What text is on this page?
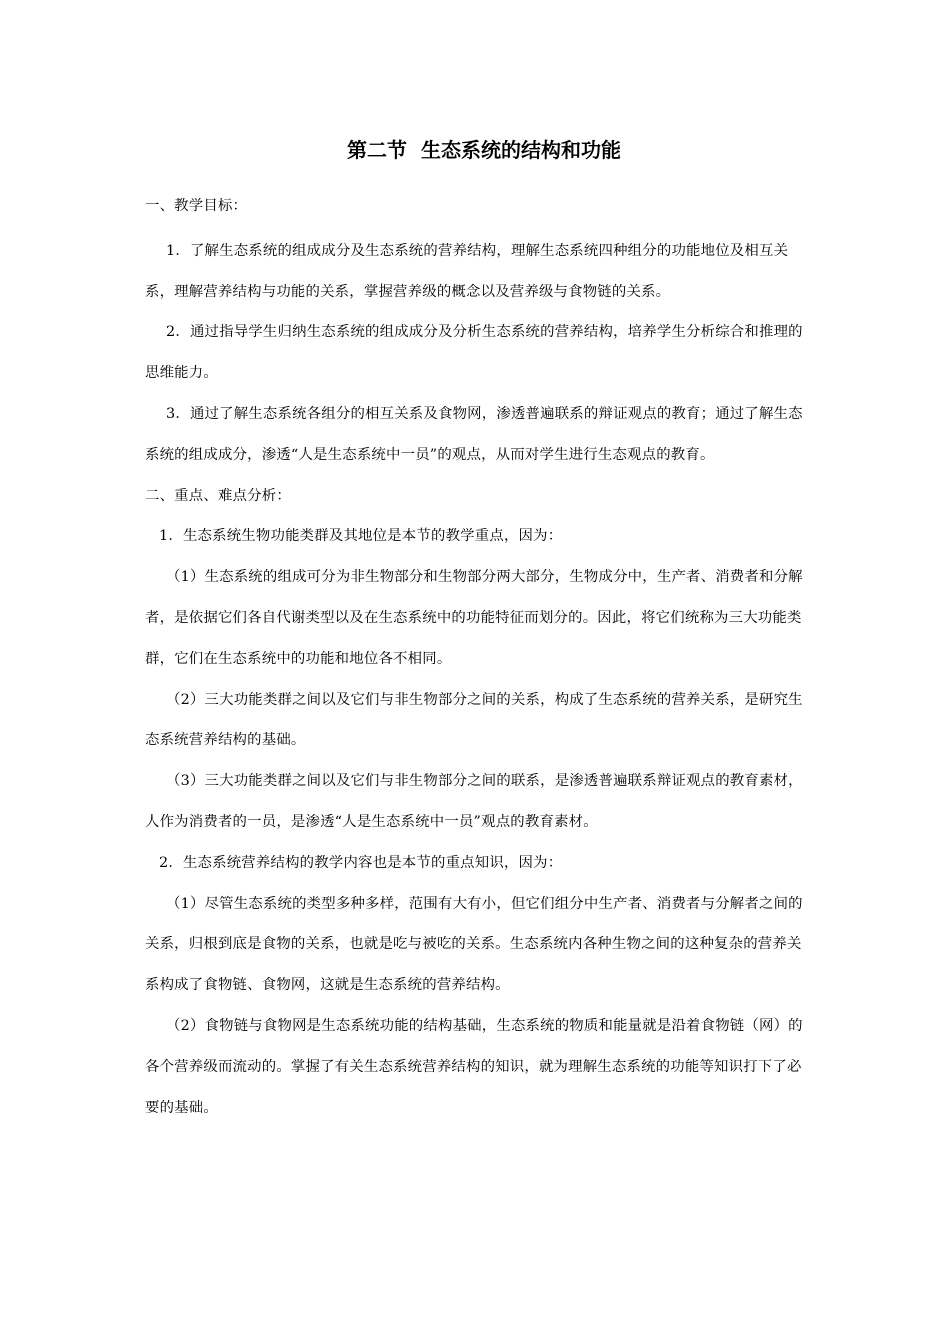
第二节  生态系统的结构和功能

一、教学目标：

1．了解生态系统的组成成分及生态系统的营养结构，理解生态系统四种组分的功能地位及相互关系，理解营养结构与功能的关系，掌握营养级的概念以及营养级与食物链的关系。

2．通过指导学生归纳生态系统的组成成分及分析生态系统的营养结构，培养学生分析综合和推理的思维能力。

3．通过了解生态系统各组分的相互关系及食物网，渗透普遍联系的辩证观点的教育；通过了解生态系统的组成成分，渗透“人是生态系统中一员”的观点，从而对学生进行生态观点的教育。

二、重点、难点分析：

1．生态系统生物功能类群及其地位是本节的教学重点，因为：

（1）生态系统的组成可分为非生物部分和生物部分两大部分，生物成分中，生产者、消费者和分解者，是依据它们各自代谢类型以及在生态系统中的功能特征而划分的。因此，将它们统称为三大功能类群，它们在生态系统中的功能和地位各不相同。

（2）三大功能类群之间以及它们与非生物部分之间的关系，构成了生态系统的营养关系，是研究生态系统营养结构的基础。

（3）三大功能类群之间以及它们与非生物部分之间的联系，是渗透普遍联系辩证观点的教育素材，人作为消费者的一员，是渗透“人是生态系统中一员”观点的教育素材。

2．生态系统营养结构的教学内容也是本节的重点知识，因为：

（1）尽管生态系统的类型多种多样，范围有大有小，但它们组分中生产者、消费者与分解者之间的关系，归根到底是食物的关系，也就是吃与被吃的关系。生态系统内各种生物之间的这种复杂的营养关系构成了食物链、食物网，这就是生态系统的营养结构。

（2）食物链与食物网是生态系统功能的结构基础，生态系统的物质和能量就是沿着食物链（网）的各个营养级而流动的。掌握了有关生态系统营养结构的知识，就为理解生态系统的功能等知识打下了必要的基础。
